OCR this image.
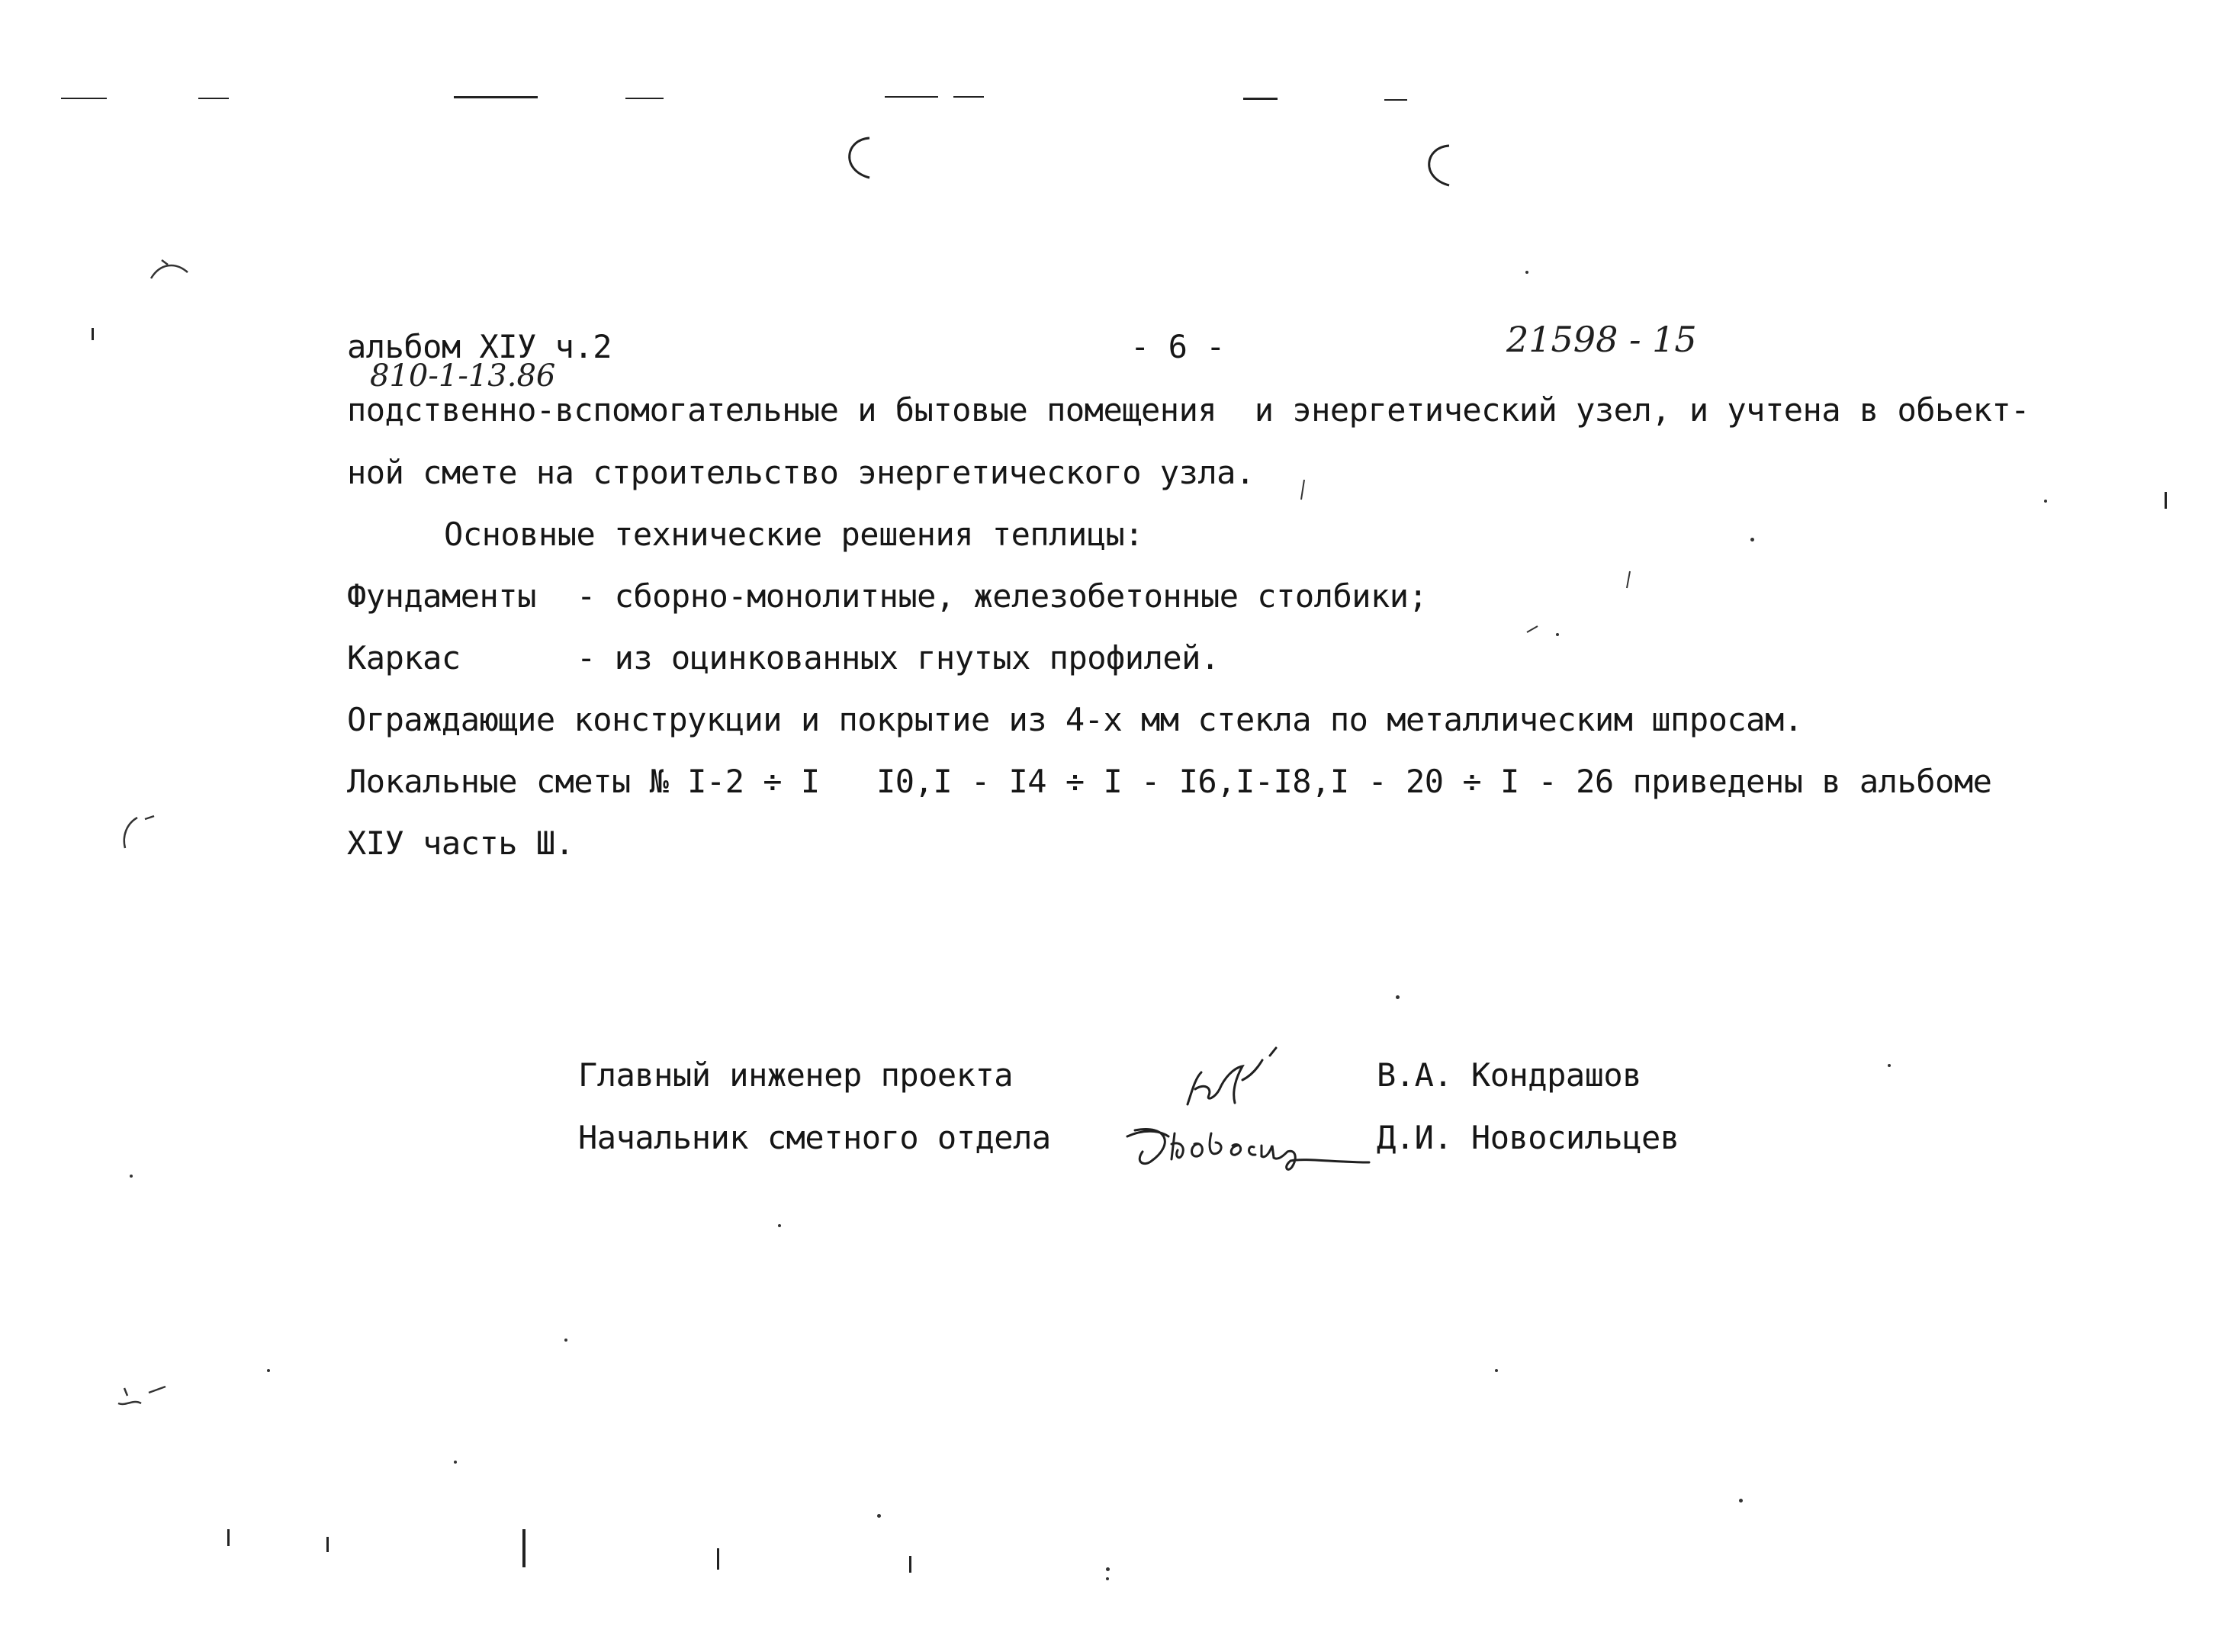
альбом XIУ ч.2	- 6 -	21598 - 15
810-1-13.86
подственно-вспомогательные и бытовые помещения  и энергетический узел, и учтена в обьект-
ной смете на строительство энергетического узла.
Основные технические решения теплицы:
Фундаменты - сборно-монолитные, железобетонные столбики;
Каркас	- из оцинкованных гнутых профилей.
Ограждающие конструкции и покрытие из 4-х мм стекла по металлическим шпросам.
Локальные сметы № I-2 ÷ I   I0,I - I4 ÷ I - I6,I-I8,I - 20 ÷ I - 26 приведены в альбоме
XIУ часть Ш.
Главный инженер проекта	В.А. Кондрашов
Начальник сметного отдела	Д.И. Новосильцев
